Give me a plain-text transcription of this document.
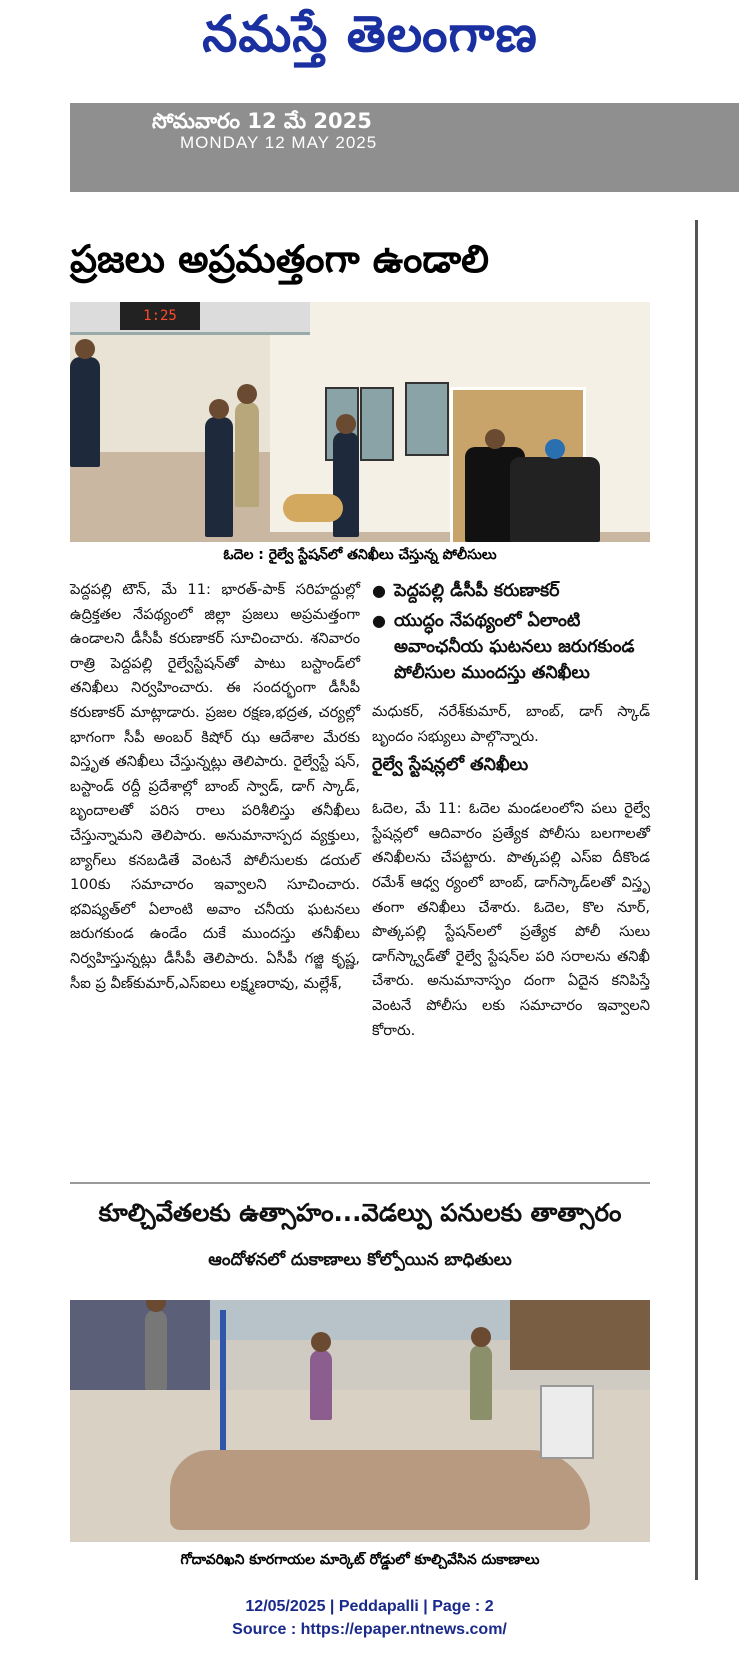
నమస్తే తెలంగాణ
సోమవారం 12 మే 2025
MONDAY 12 MAY 2025
ప్రజలు అప్రమత్తంగా ఉండాలి
1:25
ఓదెల : రైల్వే స్టేషన్‌లో తనిఖీలు చేస్తున్న పోలీసులు
పెద్దపల్లి టౌన్‌, మే 11: భారత్‌-పాక్‌ సరిహద్దుల్లో ఉద్రిక్తతల నేపథ్యంలో జిల్లా ప్రజలు అప్రమత్తంగా ఉండాలని డీసీపీ కరుణాకర్‌ సూచించారు. శనివారం రాత్రి పెద్దపల్లి రైల్వేస్టేషన్‌తో పాటు బస్టాండ్‌లో తనిఖీలు నిర్వహించారు. ఈ సందర్భంగా డీసీపీ కరుణాకర్‌ మాట్లాడారు. ప్రజల రక్షణ,భద్రత, చర్యల్లో భాగంగా సీపీ అంబర్‌ కిషోర్‌ ఝ ఆదేశాల మేరకు విస్తృత తనిఖీలు చేస్తున్నట్లు తెలిపారు. రైల్వేస్టే షన్‌, బస్టాండ్‌ రద్దీ ప్రదేశాల్లో బాంబ్‌ స్వాడ్‌, డాగ్‌ స్కాడ్‌, బృందాలతో పరిస రాలు పరిశీలిస్తు తనీఖీలు చేస్తున్నామని తెలిపారు. అనుమానాస్పద వ్యక్తులు, బ్యాగ్‌లు కనబడితే వెంటనే పోలీసులకు డయల్‌ 100కు సమాచారం ఇవ్వాలని సూచించారు. భవిష్యత్‌లో ఏలాంటి అవాం చనీయ ఘటనలు జరుగకుండ ఉండేం దుకే ముందస్తు తనీఖీలు నిర్వహిస్తున్నట్లు డీసీపీ తెలిపారు. ఏసీపీ గజ్జి కృష్ణ, సీఐ ప్ర వీణ్‌కుమార్‌,ఎస్‌ఐలు లక్ష్మణరావు, మల్లేశ్‌,
● పెద్దపల్లి డీసీపీ కరుణాకర్‌
● యుద్ధం నేపథ్యంలో ఏలాంటి అవాంఛనీయ ఘటనలు జరుగకుండ పోలీసుల ముందస్తు తనిఖీలు
మధుకర్‌, నరేశ్‌కుమార్‌, బాంబ్‌, డాగ్‌ స్కాడ్‌ బృందం సభ్యులు పాల్గొన్నారు.
రైల్వే స్టేషన్లలో తనిఖీలు
ఓదెల, మే 11: ఓదెల మండలంలోని పలు రైల్వే స్టేషన్లలో ఆదివారం ప్రత్యేక పోలీసు బలగాలతో తనిఖీలను చేపట్టారు. పొత్కపల్లి ఎస్‌ఐ దీకొండ రమేశ్‌ ఆధ్వ ర్యంలో బాంబ్‌, డాగ్‌స్కాడ్‌లతో విస్తృ తంగా తనిఖీలు చేశారు. ఓదెల, కొల నూర్‌, పొత్కపల్లి స్టేషన్‌లలో ప్రత్యేక పోలీ సులు డాగ్‌స్క్వాడ్‌తో రైల్వే స్టేషన్‌ల పరి సరాలను తనిఖీ చేశారు. అనుమానాస్పం దంగా ఏదైన కనిపిస్తే వెంటనే పోలీసు లకు సమాచారం ఇవ్వాలని కోరారు.
కూల్చివేతలకు ఉత్సాహం...వెడల్పు పనులకు తాత్సారం
ఆందోళనలో దుకాణాలు కోల్పోయిన బాధితులు
గోదావరిఖని కూరగాయల మార్కెట్‌ రోడ్డులో కూల్చివేసిన దుకాణాలు
12/05/2025 | Peddapalli | Page : 2
Source : https://epaper.ntnews.com/
